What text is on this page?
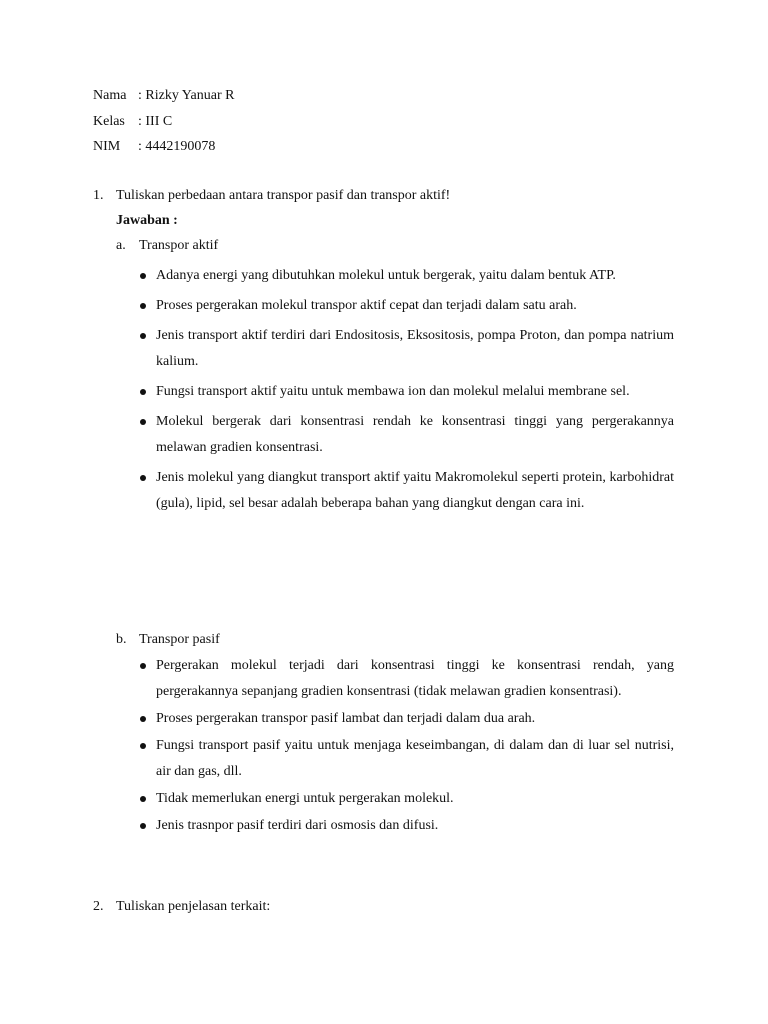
Nama : Rizky Yanuar R
Kelas : III C
NIM	: 4442190078
1. Tuliskan perbedaan antara transpor pasif dan transpor aktif!
Jawaban :
a. Transpor aktif
Adanya energi yang dibutuhkan molekul untuk bergerak, yaitu dalam bentuk ATP.
Proses pergerakan molekul transpor aktif cepat dan terjadi dalam satu arah.
Jenis transport aktif terdiri dari Endositosis, Eksositosis, pompa Proton, dan pompa natrium kalium.
Fungsi transport aktif yaitu untuk membawa ion dan molekul melalui membrane sel.
Molekul bergerak dari konsentrasi rendah ke konsentrasi tinggi yang pergerakannya melawan gradien konsentrasi.
Jenis molekul yang diangkut transport aktif yaitu Makromolekul seperti protein, karbohidrat (gula), lipid, sel besar adalah beberapa bahan yang diangkut dengan cara ini.
b. Transpor pasif
Pergerakan molekul terjadi dari konsentrasi tinggi ke konsentrasi rendah, yang pergerakannya sepanjang gradien konsentrasi (tidak melawan gradien konsentrasi).
Proses pergerakan transpor pasif lambat dan terjadi dalam dua arah.
Fungsi transport pasif yaitu untuk menjaga keseimbangan, di dalam dan di luar sel nutrisi, air dan gas, dll.
Tidak memerlukan energi untuk pergerakan molekul.
Jenis trasnpor pasif terdiri dari osmosis dan difusi.
2. Tuliskan penjelasan terkait:
